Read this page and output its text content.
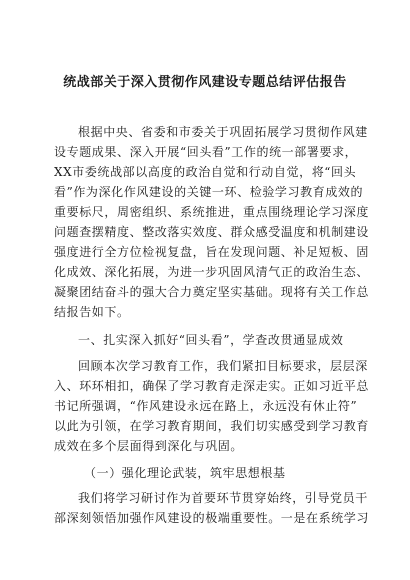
统战部关于深入贯彻作风建设专题总结评估报告
根据中央、省委和市委关于巩固拓展学习贯彻作风建
设专题成果、深入开展“回头看”工作的统一部署要求，
XX市委统战部以高度的政治自觉和行动自觉，将“回头
看”作为深化作风建设的关键一环、检验学习教育成效的
重要标尺，周密组织、系统推进，重点围绕理论学习深度
问题查摆精度、整改落实效度、群众感受温度和机制建设
强度进行全方位检视复盘，旨在发现问题、补足短板、固
化成效、深化拓展，为进一步巩固风清气正的政治生态、
凝聚团结奋斗的强大合力奠定坚实基础。现将有关工作总
结报告如下。
一、扎实深入抓好“回头看”，学查改贯通显成效
回顾本次学习教育工作，我们紧扣目标要求，层层深
入、环环相扣，确保了学习教育走深走实。正如习近平总
书记所强调，“作风建设永远在路上，永远没有休止符”
以此为引领，在学习教育期间，我们切实感受到学习教育
成效在多个层面得到深化与巩固。
（一）强化理论武装，筑牢思想根基
我们将学习研讨作为首要环节贯穿始终，引导党员干
部深刻领悟加强作风建设的极端重要性。一是在系统学习
